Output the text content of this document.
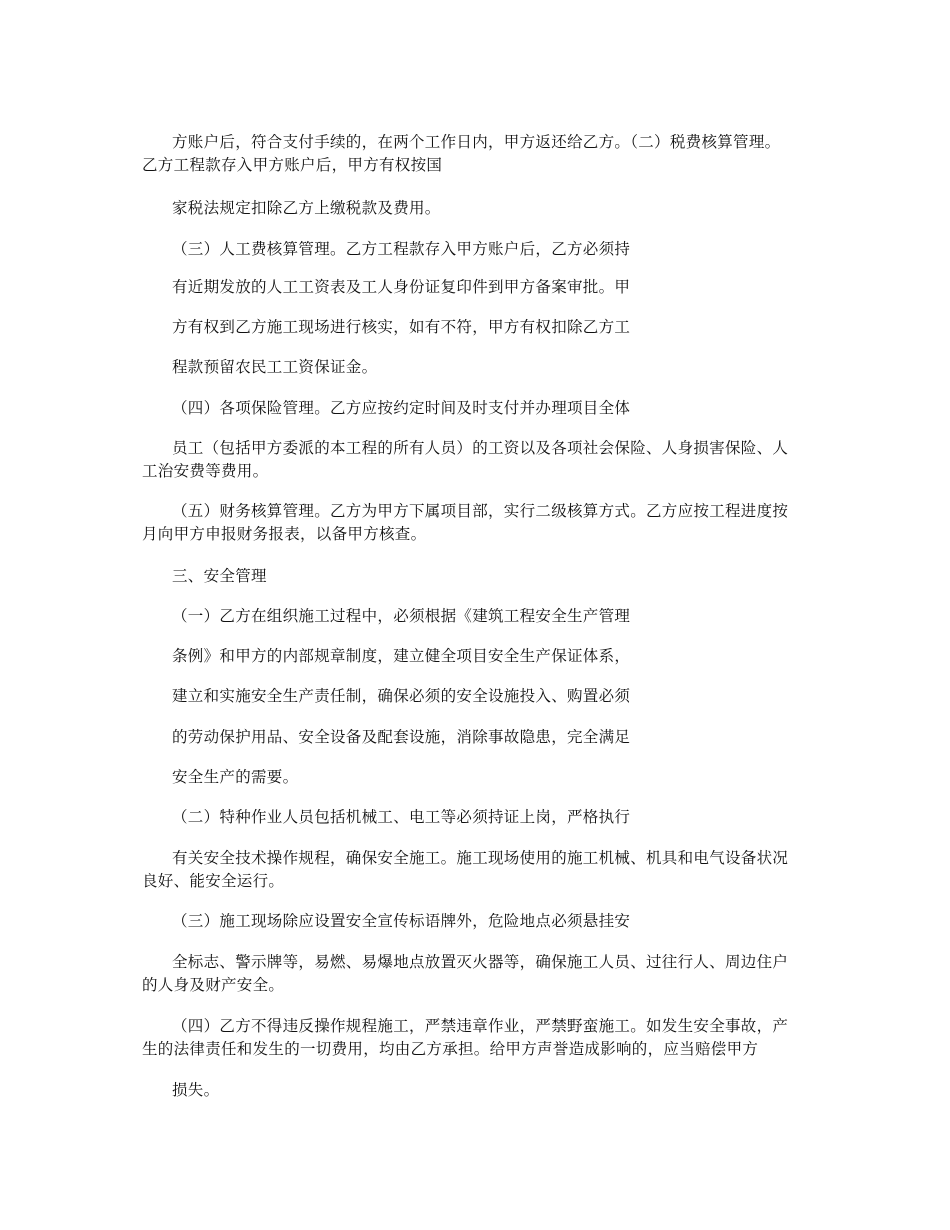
方账户后，符合支付手续的，在两个工作日内，甲方返还给乙方。（二）税费核算管理。
乙方工程款存入甲方账户后，甲方有权按国
家税法规定扣除乙方上缴税款及费用。
（三）人工费核算管理。乙方工程款存入甲方账户后，乙方必须持
有近期发放的人工工资表及工人身份证复印件到甲方备案审批。甲
方有权到乙方施工现场进行核实，如有不符，甲方有权扣除乙方工
程款预留农民工工资保证金。
（四）各项保险管理。乙方应按约定时间及时支付并办理项目全体
员工（包括甲方委派的本工程的所有人员）的工资以及各项社会保险、人身损害保险、人
工治安费等费用。
（五）财务核算管理。乙方为甲方下属项目部，实行二级核算方式。乙方应按工程进度按
月向甲方申报财务报表，以备甲方核查。
三、安全管理
（一）乙方在组织施工过程中，必须根据《建筑工程安全生产管理
条例》和甲方的内部规章制度，建立健全项目安全生产保证体系，
建立和实施安全生产责任制，确保必须的安全设施投入、购置必须
的劳动保护用品、安全设备及配套设施，消除事故隐患，完全满足
安全生产的需要。
（二）特种作业人员包括机械工、电工等必须持证上岗，严格执行
有关安全技术操作规程，确保安全施工。施工现场使用的施工机械、机具和电气设备状况
良好、能安全运行。
（三）施工现场除应设置安全宣传标语牌外，危险地点必须悬挂安
全标志、警示牌等，易燃、易爆地点放置灭火器等，确保施工人员、过往行人、周边住户
的人身及财产安全。
（四）乙方不得违反操作规程施工，严禁违章作业，严禁野蛮施工。如发生安全事故，产
生的法律责任和发生的一切费用，均由乙方承担。给甲方声誉造成影响的，应当赔偿甲方
损失。
